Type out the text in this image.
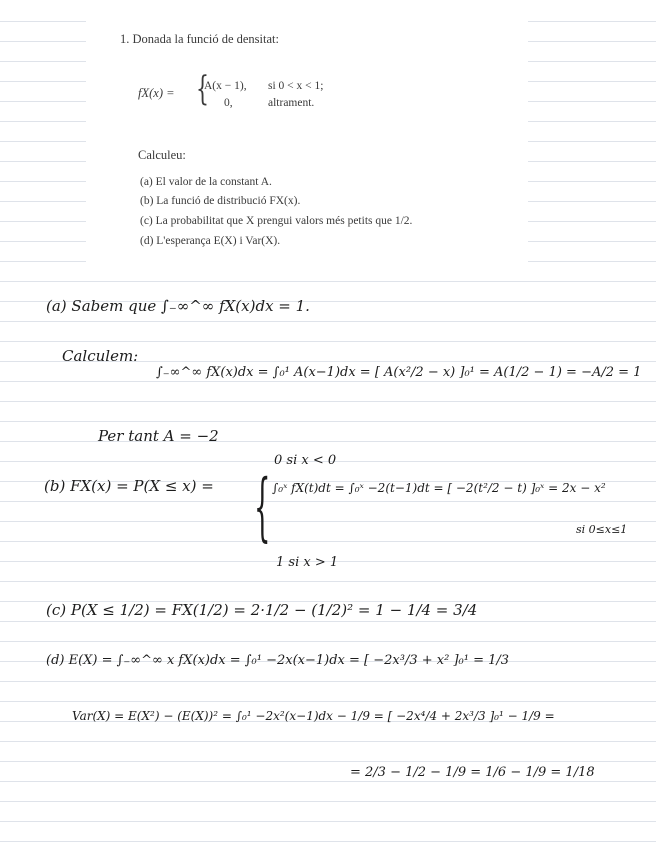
1. Donada la funció de densitat:

fX(x) = {
A(x − 1), si 0 < x < 1;
0,	altrament.

Calculeu:

(a) El valor de la constant A.
(b) La funció de distribució FX(x).
(c) La probabilitat que X prengui valors més petits que 1/2.
(d) L'esperança E(X) i Var(X).

(a) Sabem que ∫₋∞^∞ fX(x)dx = 1.

Calculem:

∫₋∞^∞ fX(x)dx = ∫₀¹ A(x−1)dx = [ A(x²/2 − x) ]₀¹ = A(1/2 − 1) = −A/2 = 1

Per tant A = −2

0 si x < 0

(b) FX(x) = P(X ≤ x) = { ∫₀ˣ fX(t)dt = ∫₀ˣ −2(t−1)dt = [ −2(t²/2 − t) ]₀ˣ = 2x − x²

si 0≤x≤1

1 si x > 1

(c) P(X ≤ 1/2) = FX(1/2) = 2·1/2 − (1/2)² = 1 − 1/4 = 3/4

(d) E(X) = ∫₋∞^∞ x fX(x)dx = ∫₀¹ −2x(x−1)dx = [ −2x³/3 + x² ]₀¹ = 1/3

Var(X) = E(X²) − (E(X))² = ∫₀¹ −2x²(x−1)dx − 1/9 = [ −2x⁴/4 + 2x³/3 ]₀¹ − 1/9 =

= 2/3 − 1/2 − 1/9 = 1/6 − 1/9 = 1/18
